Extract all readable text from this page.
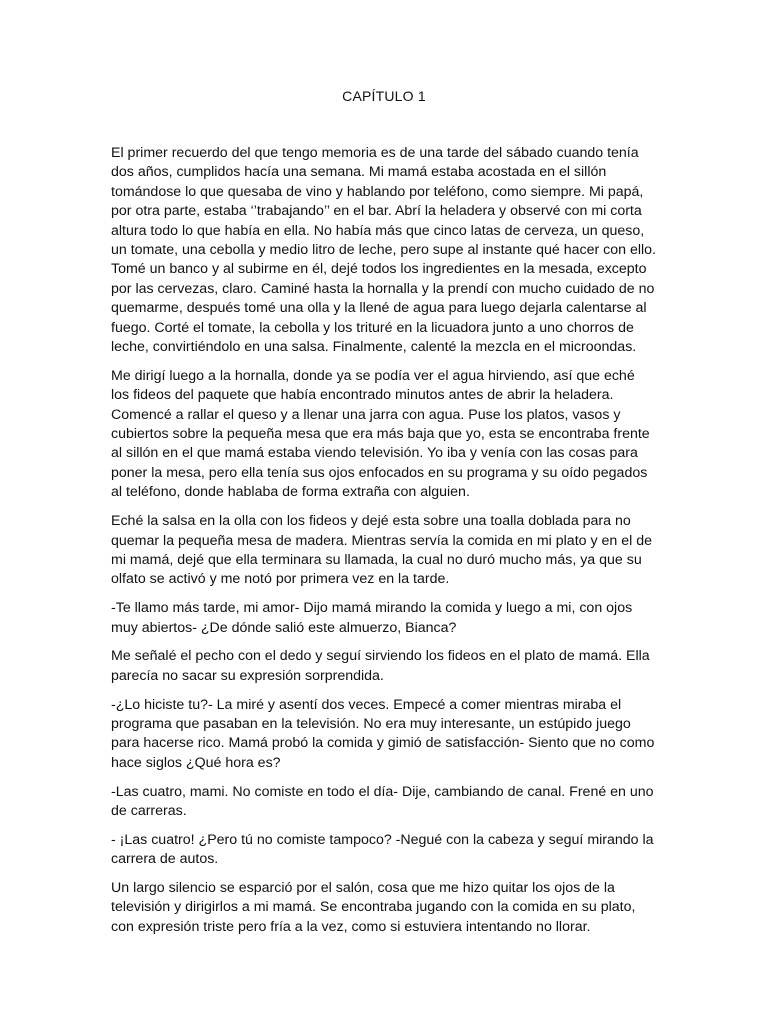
CAPÍTULO 1

El primer recuerdo del que tengo memoria es de una tarde del sábado cuando tenía dos años, cumplidos hacía una semana. Mi mamá estaba acostada en el sillón tomándose lo que quesaba de vino y hablando por teléfono, como siempre. Mi papá, por otra parte, estaba ‘’trabajando’’ en el bar. Abrí la heladera y observé con mi corta altura todo lo que había en ella. No había más que cinco latas de cerveza, un queso, un tomate, una cebolla y medio litro de leche, pero supe al instante qué hacer con ello. Tomé un banco y al subirme en él, dejé todos los ingredientes en la mesada, excepto por las cervezas, claro. Caminé hasta la hornalla y la prendí con mucho cuidado de no quemarme, después tomé una olla y la llené de agua para luego dejarla calentarse al fuego. Corté el tomate, la cebolla y los trituré en la licuadora junto a uno chorros de leche, convirtiéndolo en una salsa. Finalmente, calenté la mezcla en el microondas.

Me dirigí luego a la hornalla, donde ya se podía ver el agua hirviendo, así que eché los fideos del paquete que había encontrado minutos antes de abrir la heladera. Comencé a rallar el queso y a llenar una jarra con agua. Puse los platos, vasos y cubiertos sobre la pequeña mesa que era más baja que yo, esta se encontraba frente al sillón en el que mamá estaba viendo televisión. Yo iba y venía con las cosas para poner la mesa, pero ella tenía sus ojos enfocados en su programa y su oído pegados al teléfono, donde hablaba de forma extraña con alguien.

Eché la salsa en la olla con los fideos y dejé esta sobre una toalla doblada para no quemar la pequeña mesa de madera. Mientras servía la comida en mi plato y en el de mi mamá, dejé que ella terminara su llamada, la cual no duró mucho más, ya que su olfato se activó y me notó por primera vez en la tarde.

-Te llamo más tarde, mi amor- Dijo mamá mirando la comida y luego a mi, con ojos muy abiertos- ¿De dónde salió este almuerzo, Bianca?

Me señalé el pecho con el dedo y seguí sirviendo los fideos en el plato de mamá. Ella parecía no sacar su expresión sorprendida.

-¿Lo hiciste tu?- La miré y asentí dos veces. Empecé a comer mientras miraba el programa que pasaban en la televisión. No era muy interesante, un estúpido juego para hacerse rico. Mamá probó la comida y gimió de satisfacción- Siento que no como hace siglos ¿Qué hora es?

-Las cuatro, mami. No comiste en todo el día- Dije, cambiando de canal. Frené en uno de carreras.

- ¡Las cuatro! ¿Pero tú no comiste tampoco? -Negué con la cabeza y seguí mirando la carrera de autos.

Un largo silencio se esparció por el salón, cosa que me hizo quitar los ojos de la televisión y dirigirlos a mi mamá. Se encontraba jugando con la comida en su plato, con expresión triste pero fría a la vez, como si estuviera intentando no llorar.
